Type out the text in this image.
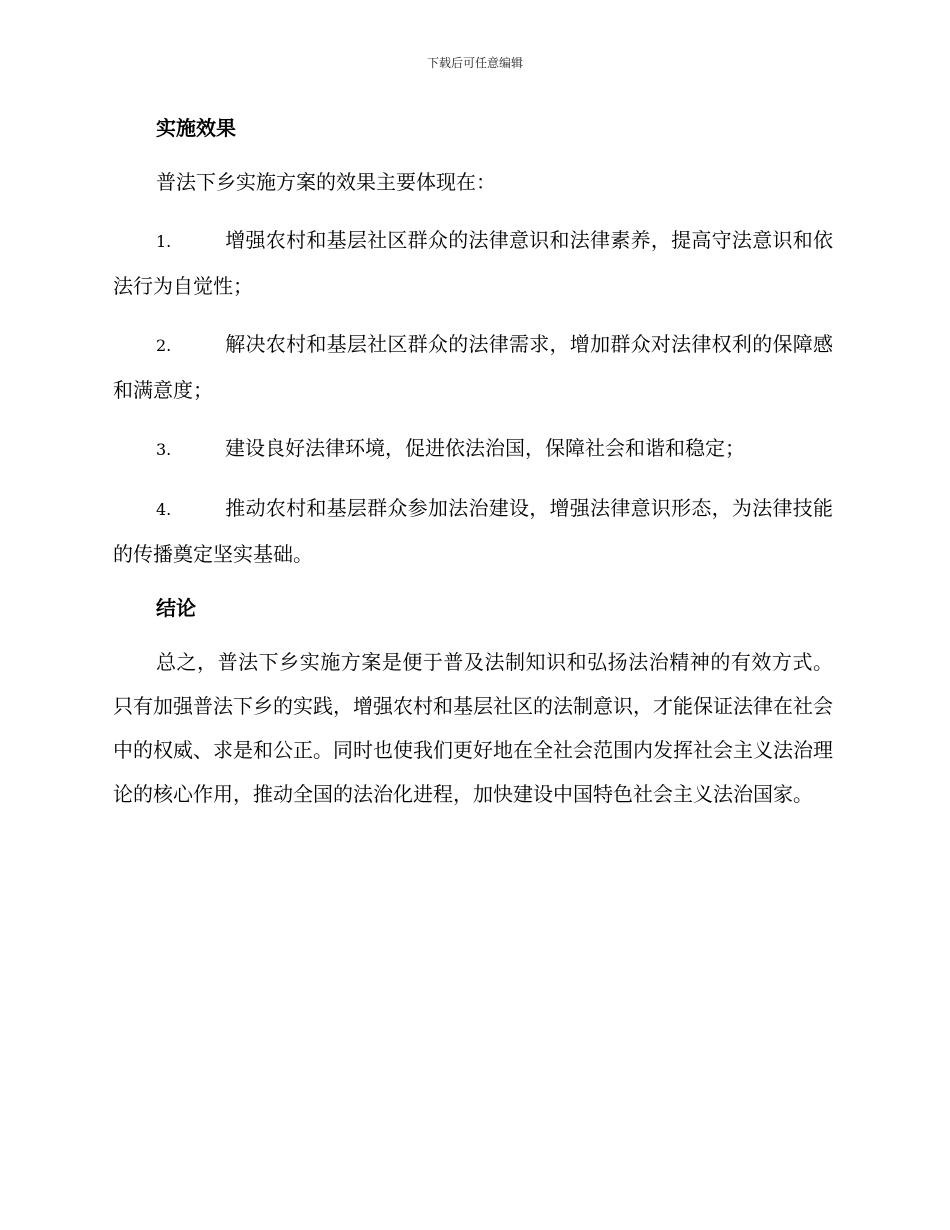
下载后可任意编辑
实施效果

普法下乡实施方案的效果主要体现在：

1.	增强农村和基层社区群众的法律意识和法律素养，提高守法意识和依法行为自觉性；

2.	解决农村和基层社区群众的法律需求，增加群众对法律权利的保障感和满意度；

3.	建设良好法律环境，促进依法治国，保障社会和谐和稳定；

4.	推动农村和基层群众参加法治建设，增强法律意识形态，为法律技能的传播奠定坚实基础。

结论

总之，普法下乡实施方案是便于普及法制知识和弘扬法治精神的有效方式。只有加强普法下乡的实践，增强农村和基层社区的法制意识，才能保证法律在社会中的权威、求是和公正。同时也使我们更好地在全社会范围内发挥社会主义法治理论的核心作用，推动全国的法治化进程，加快建设中国特色社会主义法治国家。
